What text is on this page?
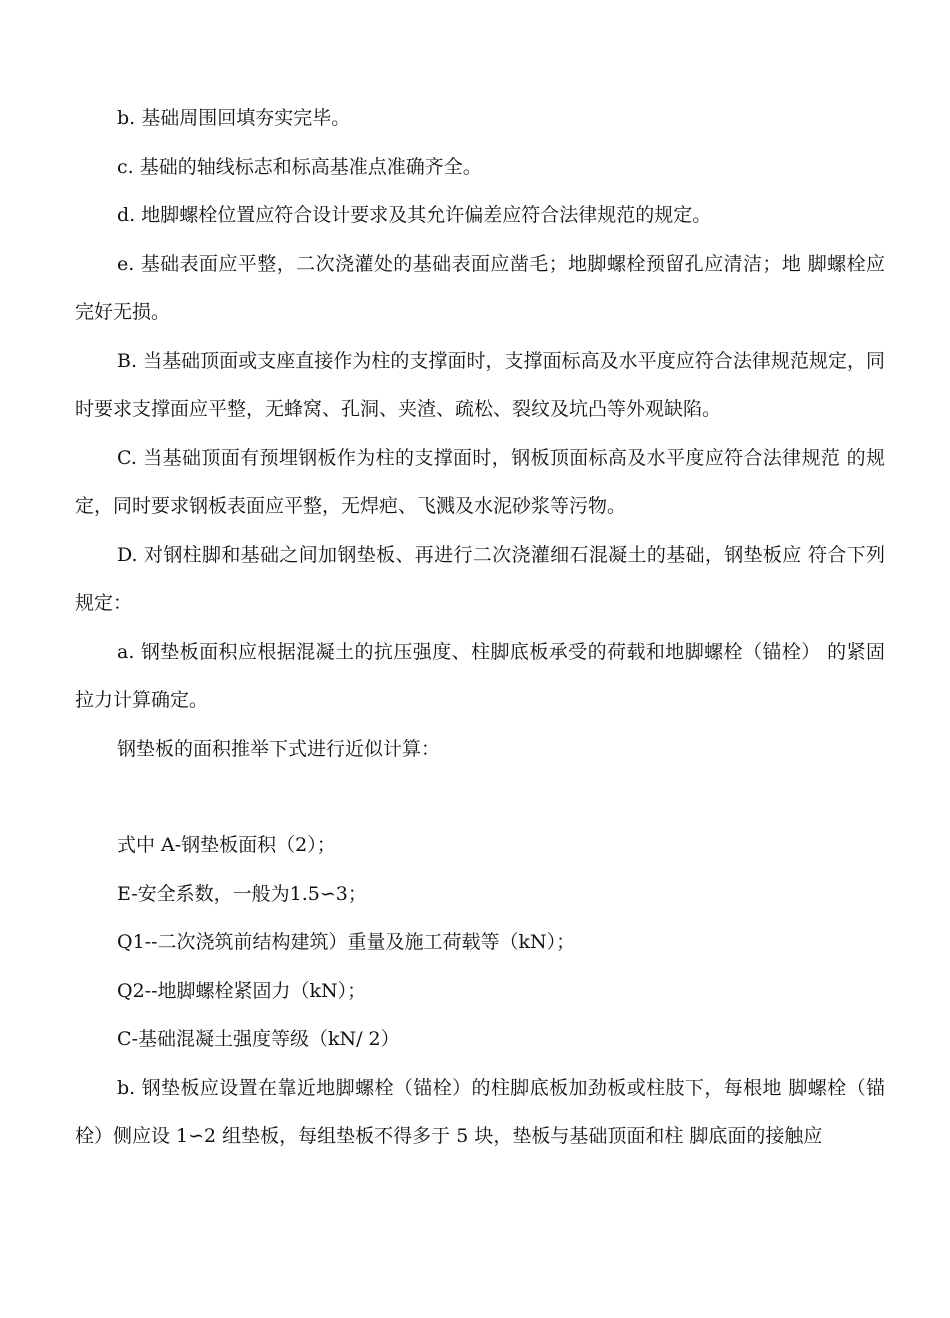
b. 基础周围回填夯实完毕。

c. 基础的轴线标志和标高基准点准确齐全。

d. 地脚螺栓位置应符合设计要求及其允许偏差应符合法律规范的规定。

e. 基础表面应平整，二次浇灌处的基础表面应凿毛；地脚螺栓预留孔应清洁；地 脚螺栓应完好无损。

B. 当基础顶面或支座直接作为柱的支撑面时，支撑面标高及水平度应符合法律规范规定，同时要求支撑面应平整，无蜂窝、孔洞、夹渣、疏松、裂纹及坑凸等外观缺陷。

C. 当基础顶面有预埋钢板作为柱的支撑面时，钢板顶面标高及水平度应符合法律规范 的规定，同时要求钢板表面应平整，无焊疤、飞溅及水泥砂浆等污物。

D. 对钢柱脚和基础之间加钢垫板、再进行二次浇灌细石混凝土的基础，钢垫板应 符合下列规定：

a. 钢垫板面积应根据混凝土的抗压强度、柱脚底板承受的荷载和地脚螺栓（锚栓） 的紧固拉力计算确定。

钢垫板的面积推举下式进行近似计算：

式中 A-钢垫板面积（2）；

E-安全系数，一般为1.5∽3；

Q1--二次浇筑前结构建筑）重量及施工荷载等（kN）；

Q2--地脚螺栓紧固力（kN）；

C-基础混凝土强度等级（kN/ 2）

b. 钢垫板应设置在靠近地脚螺栓（锚栓）的柱脚底板加劲板或柱肢下，每根地 脚螺栓（锚栓）侧应设 1∽2 组垫板，每组垫板不得多于 5 块，垫板与基础顶面和柱 脚底面的接触应
